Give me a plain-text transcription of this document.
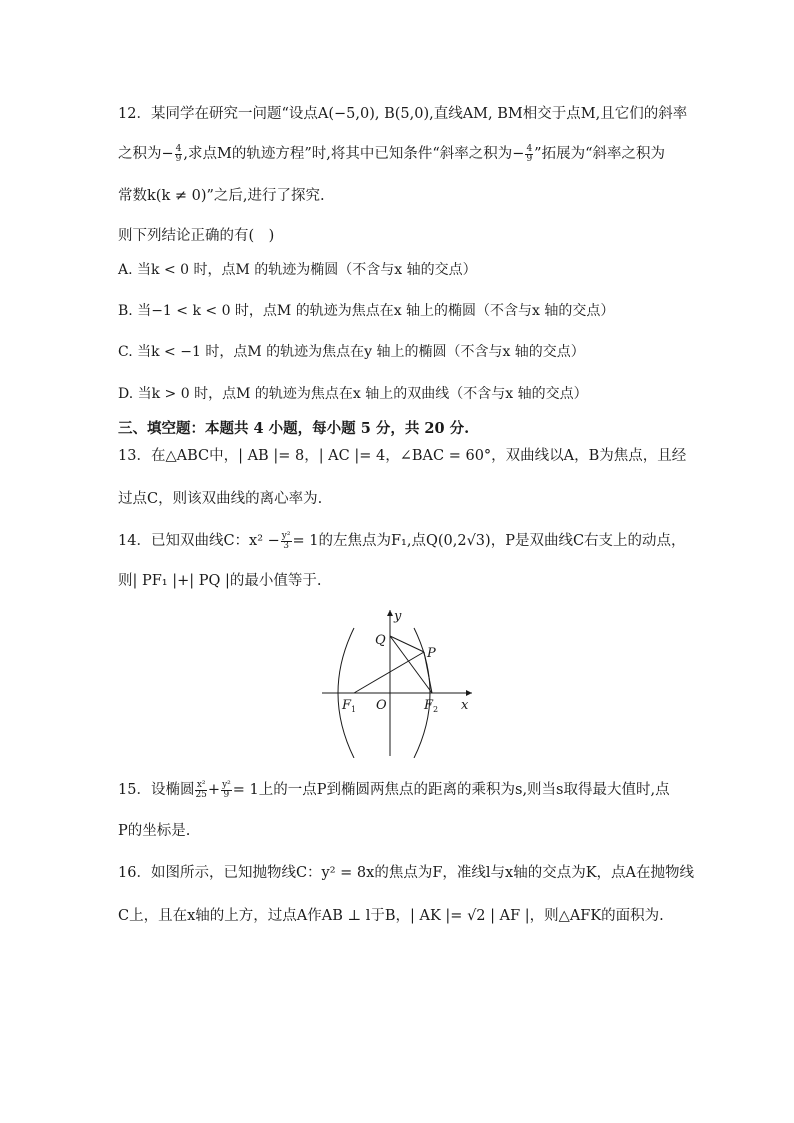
12．某同学在研究一问题“设点A(−5,0), B(5,0),直线AM, BM相交于点M,且它们的斜率
之积为− $\frac{4}{9}$ ,求点M的轨迹方程”时,将其中已知条件“斜率之积为− $\frac{4}{9}$ ”拓展为“斜率之积为
常数k(k ≠ 0)”之后,进行了探究.
则下列结论正确的有(　)
A. 当k < 0 时，点M 的轨迹为椭圆（不含与x 轴的交点）
B. 当−1 < k < 0 时，点M 的轨迹为焦点在x 轴上的椭圆（不含与x 轴的交点）
C. 当k < −1 时，点M 的轨迹为焦点在y 轴上的椭圆（不含与x 轴的交点）
D. 当k > 0 时，点M 的轨迹为焦点在x 轴上的双曲线（不含与x 轴的交点）
三、填空题：本题共 4 小题，每小题 5 分，共 20 分.
13．在△ABC中，| AB |= 8，| AC |= 4，∠BAC = 60°，双曲线以A，B为焦点，且经
过点C，则该双曲线的离心率为.
14．已知双曲线C：$x^2 - \frac{\text{y²}}{3} = 1$的左焦点为F₁,点Q(0,2√3)，P是双曲线C右支上的动点，
则| PF₁ |+| PQ |的最小值等于.
y
x
Q
P
O
$F_1$	$F_2$
15．设椭圆 $\frac{\text{x²}}{25} + \frac{\text{y²}}{9} = 1$上的一点P到椭圆两焦点的距离的乘积为s,则当s取得最大值时,点
P的坐标是.
16．如图所示，已知抛物线C：y² = 8x的焦点为F，准线l与x轴的交点为K，点A在抛物线
C上，且在x轴的上方，过点A作AB ⊥ l于B，| AK |= √2 | AF |，则△AFK的面积为.
